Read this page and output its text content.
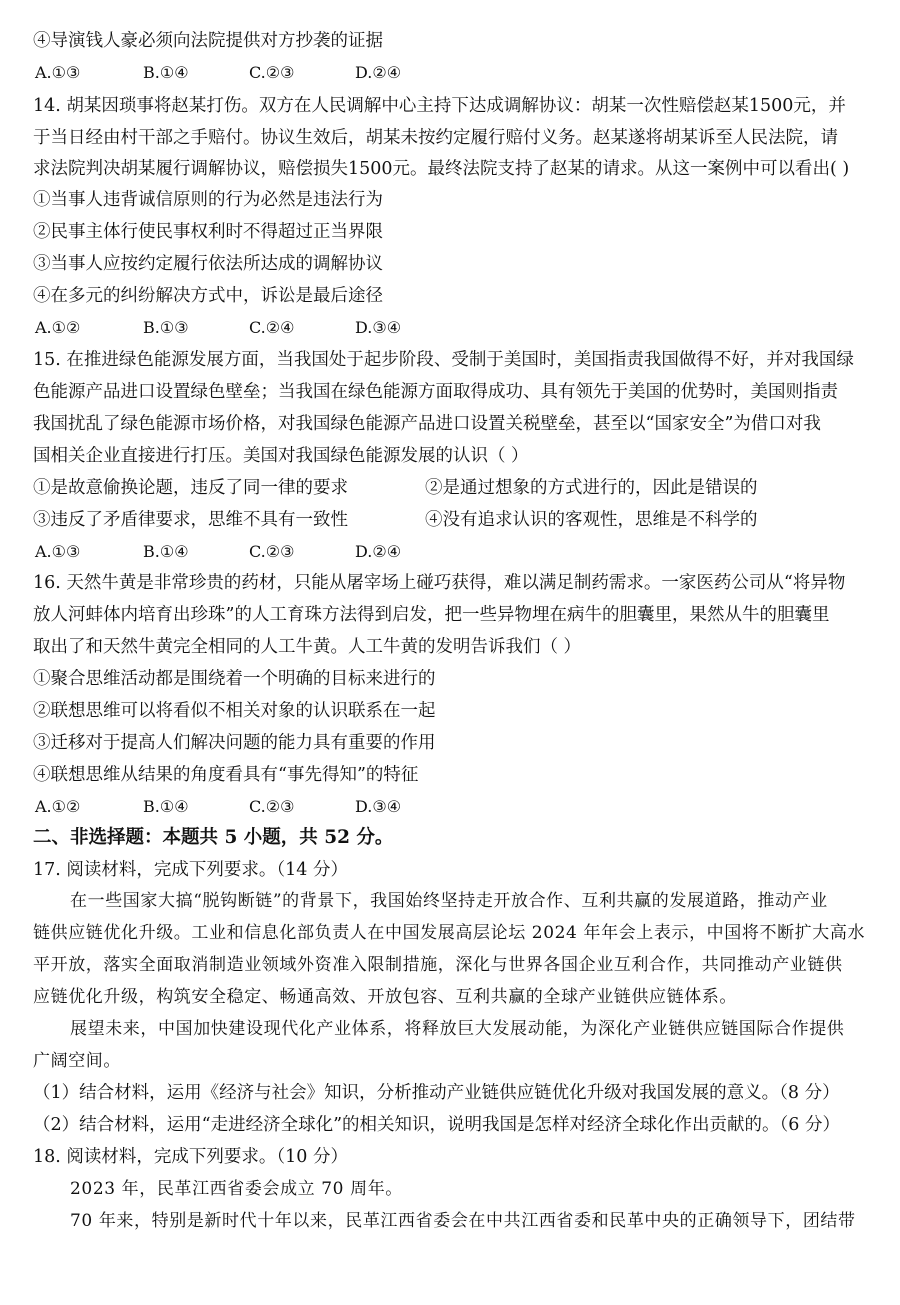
④导演钱人豪必须向法院提供对方抄袭的证据
A.①③	B.①④	C.②③	D.②④
14. 胡某因琐事将赵某打伤。双方在人民调解中心主持下达成调解协议：胡某一次性赔偿赵某1500元，并
于当日经由村干部之手赔付。协议生效后，胡某未按约定履行赔付义务。赵某遂将胡某诉至人民法院，请
求法院判决胡某履行调解协议，赔偿损失1500元。最终法院支持了赵某的请求。从这一案例中可以看出( )
①当事人违背诚信原则的行为必然是违法行为
②民事主体行使民事权利时不得超过正当界限
③当事人应按约定履行依法所达成的调解协议
④在多元的纠纷解决方式中，诉讼是最后途径
A.①②	B.①③	C.②④	D.③④
15. 在推进绿色能源发展方面，当我国处于起步阶段、受制于美国时，美国指责我国做得不好，并对我国绿
色能源产品进口设置绿色壁垒；当我国在绿色能源方面取得成功、具有领先于美国的优势时，美国则指责
我国扰乱了绿色能源市场价格，对我国绿色能源产品进口设置关税壁垒，甚至以“国家安全”为借口对我
国相关企业直接进行打压。美国对我国绿色能源发展的认识（ ）
①是故意偷换论题，违反了同一律的要求	②是通过想象的方式进行的，因此是错误的
③违反了矛盾律要求，思维不具有一致性	④没有追求认识的客观性，思维是不科学的
A.①③	B.①④	C.②③	D.②④
16. 天然牛黄是非常珍贵的药材，只能从屠宰场上碰巧获得，难以满足制药需求。一家医药公司从“将异物
放人河蚌体内培育出珍珠”的人工育珠方法得到启发，把一些异物埋在病牛的胆囊里，果然从牛的胆囊里
取出了和天然牛黄完全相同的人工牛黄。人工牛黄的发明告诉我们（ ）
①聚合思维活动都是围绕着一个明确的目标来进行的
②联想思维可以将看似不相关对象的认识联系在一起
③迁移对于提高人们解决问题的能力具有重要的作用
④联想思维从结果的角度看具有“事先得知”的特征
A.①②	B.①④	C.②③	D.③④
二、非选择题：本题共 5 小题，共 52 分。
17. 阅读材料，完成下列要求。（14 分）
在一些国家大搞“脱钩断链”的背景下，我国始终坚持走开放合作、互利共赢的发展道路，推动产业
链供应链优化升级。工业和信息化部负责人在中国发展高层论坛 2024 年年会上表示，中国将不断扩大高水
平开放，落实全面取消制造业领域外资准入限制措施，深化与世界各国企业互利合作，共同推动产业链供
应链优化升级，构筑安全稳定、畅通高效、开放包容、互利共赢的全球产业链供应链体系。
展望未来，中国加快建设现代化产业体系，将释放巨大发展动能，为深化产业链供应链国际合作提供
广阔空间。
（1）结合材料，运用《经济与社会》知识，分析推动产业链供应链优化升级对我国发展的意义。（8 分）
（2）结合材料，运用“走进经济全球化”的相关知识，说明我国是怎样对经济全球化作出贡献的。（6 分）
18. 阅读材料，完成下列要求。（10 分）
2023 年，民革江西省委会成立 70 周年。
70 年来，特别是新时代十年以来，民革江西省委会在中共江西省委和民革中央的正确领导下，团结带
